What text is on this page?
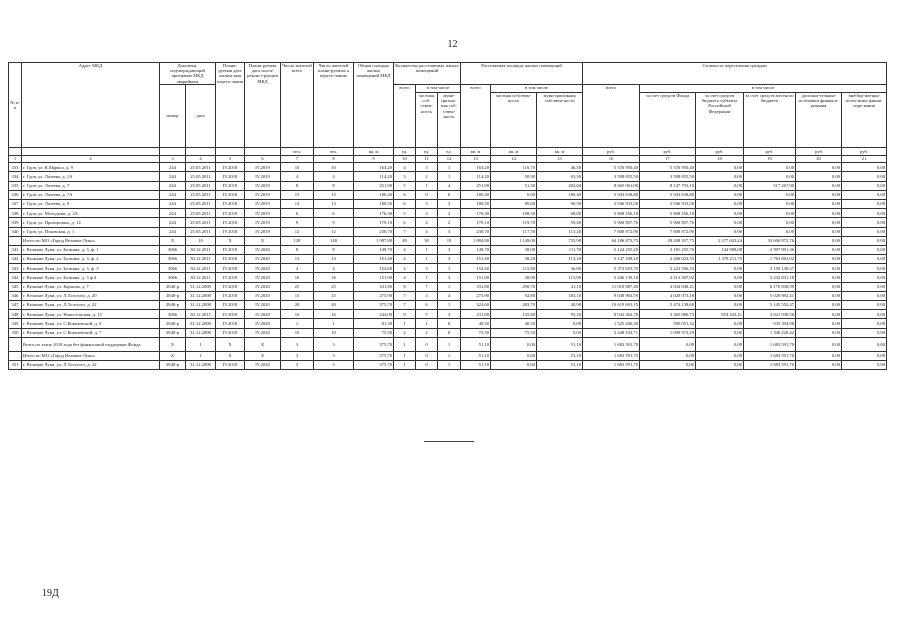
12
№ п/п	Адрес МКД	Документ, подтверждающий признание МКД аварийным		Плани-руемая дата оконча-ния пересе-ления	Плани-руемая дата сноса/ реконст-рукции МКД	Число жителей всего	Число жителей плани-руемых к пересе-лению	Общая площадь жилых помещений МКД	Количество расселяемых жилых помещений			Расселяемая площадь жилых помещений			Стоимость переселения граждан					
		номер	дата						всего	в том числе		всего	в том числе		всего	в том числе				
										частная соб-ствен-ность	муни-ципаль-ная соб-ствен-ность		частная собствен-ность	муни-ципальная собствен-ность		за счет средств Фонда	за счет средств бюджета субъекта Российской Федерации	за счет средств местного бюджета	дополни-тельные источники финанси-рования	внебюд-жетные источ-ники финан-сиро-вания
						чел.	чел.	кв. м	ед.	ед.	ед.	кв. м	кв. м	кв. м	руб.	руб.	руб.	руб.	руб	руб.
1	2	3	4	5	6	7	8	9	10	11	12	13	14	15	16	17	18	19	20	21
333	г. Гдов, ул. К.Маркса, д. 9	244	25.05.2011	IV.2018	IV.2019	10	10	163,20	4	3	1	163,20	116,70	46,50	5 376 950,40	5 376 950,40	0,00	0,00	0,00	0,00
334	г. Гдов, ул. Лазеева, д. 1А	244	25.05.2011	IV.2018	IV.2019	4	4	114,20	3	2	1	114,20	50,90	63,30	3 508 855,50	3 508 855,50	0,00	0,00	0,00	0,00
335	г. Гдов, ул. Лазеева, д. 7	244	25.05.2011	IV.2018	IV.2019	8	8	251,90	5	1	4	251,90	51,30	202,60	8 665 061,00	8 147 793,10	0,00	517 267,90	0,00	0,00
336	г. Гдов, ул. Лазеева, д. 7А	244	25.05.2011	IV.2018	IV.2019	15	15	180,40	6	0	6	180,40	0,00	180,40	5 943 638,80	5 943 638,80	0,00	0,00	0,00	0,00
337	г. Гдов, ул. Лазеева, д. 9	244	25.05.2011	IV.2018	IV.2019	13	13	180,50	6	3	3	180,50	90,00	90,50	5 946 933,50	5 946 933,50	0,00	0,00	0,00	0,00
338	г. Гдов, ул. Молодежи, д. 2А	244	25.05.2011	IV.2018	IV.2019	6	6	176,30	5	3	2	176,30	108,30	68,00	5 808 556,10	5 808 556,10	0,00	0,00	0,00	0,00
339	г. Гдов, ул. Прохоровых, д. 14	244	25.05.2011	IV.2018	IV.2019	9	9	179,10	6	4	2	179,10	119,70	59,40	5 900 807,70	5 900 807,70	0,00	0,00	0,00	0,00
340	г. Гдов, ул. Псковская, д. 1	244	25.05.2011	IV.2018	IV.2019	12	12	230,70	7	4	3	230,70	117,50	113,20	7 600 872,90	7 600 872,90	0,00	0,00	0,00	0,00
	Итого по МО «Город Великие Луки»	X	10	X	X	128	128	1 987,80	49	30	19	1 884,90	1 149,00	735,90	64 186 873,75	28 208 357,75	2 377 643,24	33 600 872,76	0,00	0,00
341	г. Великие Луки, ул. Боткина, д. 3, ф. 1	3066	30.12.2011	IV.2018	IV.2020	8	8	149,70	4	1	3	149,70	38,00	111,70	5 124 255,20	2 181 255,76	144 988,08	2 997 991,36	0,00	0,00
342	г. Великие Луки, ул. Боткина, д. 3, ф. 2	3066	30.12.2011	IV.2018	IV.2020	13	13	151,40	4	1	3	151,40	38,20	113,20	5 147 298,10	2 206 023,33	1 378 211,75	1 763 063,02	0,00	0,00
343	г. Великие Луки, ул. Боткина, д. 3, ф. 3	3066	30.12.2011	IV.2018	IV.2020	4	4	152,60	4	3	1	152,60	115,80	36,80	5 373 655,70	2 223 506,33	0,00	3 150 149,37	0,00	0,00
344	г. Великие Луки, ул. Боткина, д. 3 ф.4	3066	30.12.2011	IV.2018	IV.2020	16	16	151,90	4	1	3	151,90	38,00	113,90	5 446 139,10	2 213 307,92	0,00	3 232 831,18	0,00	0,00
345	г. Великие Луки, ул. Карпова, д. 7	2840-р	31.12.2008	IV.2018	IV.2020	25	25	331,80	8	7	1	331,80	290,70	41,10	11 010 887,40	4 834 048,41	0,00	6 176 838,99	0,00	0,00
346	г. Великие Луки, ул. Л.Толстого, д. 20	2840-р	31.12.2008	IV.2018	IV.2020	15	15	275,90	7	3	4	275,90	92,80	183,10	9 048 963,59	4 020 073,18	0,00	5 028 892,41	0,00	0,00
347	г. Великие Луки, ул. Л.Толстого, д. 22	2840-р	31.12.2008	IV.2018	IV.2020	20	20	375,70	7	6	1	324,60	283,70	40,90	10 619 691,15	5 474 138,68	0,00	5 145 552,47	0,00	0,00
348	г. Великие Луки, ул. Новосельская, д. 15	3066	30.12.2011	IV.2018	IV.2020	16	16	242,00	8	5	3	231,00	135,80	95,20	8 042 362,70	3 365 980,73	854 443,41	3 821 938,56	0,00	0,00
349	г. Великие Луки, ул. С.Ковалевской, д. 6	2840-р	31.12.2008	IV.2018	IV.2020	1	1	81,30	1	1	0	40,50	40,50	0,00	1 525 446,30	590 051,32	0,00	935 394,98	0,00	0,00
350	г. Великие Луки, ул. С.Ковалевской, д. 7	2840-р	31.12.2008	IV.2018	IV.2020	10	10	75,50	2	2	0	75,50	75,50	0,00	2 448 192,71	1 099 972,29	0,00	1 348 220,42	0,00	0,00
	Всего по этапу 2018 года без финансовой поддержки Фонда	X	1	X	X	3	3	375,70	1	0	1	51,10	0,00	51,10	1 683 591,70	0,00	0,00	1 683 591,70	0,00	0,00
	Итого по МО «Город Великие Луки»	X	1	X	X	3	3	375,70	1	0	1	51,10	0,00	51,10	1 683 591,70	0,00	0,00	1 683 591,70	0,00	0,00
351	г. Великие Луки, ул. Л.Толстого, д. 22	2840-р	31.12.2008	IV.2018	IV.2020	3	3	375,70	1	0	1	51,10	0,00	51,10	1 683 591,70	0,00	0,00	1 683 591,70	0,00	0,00
19Д
